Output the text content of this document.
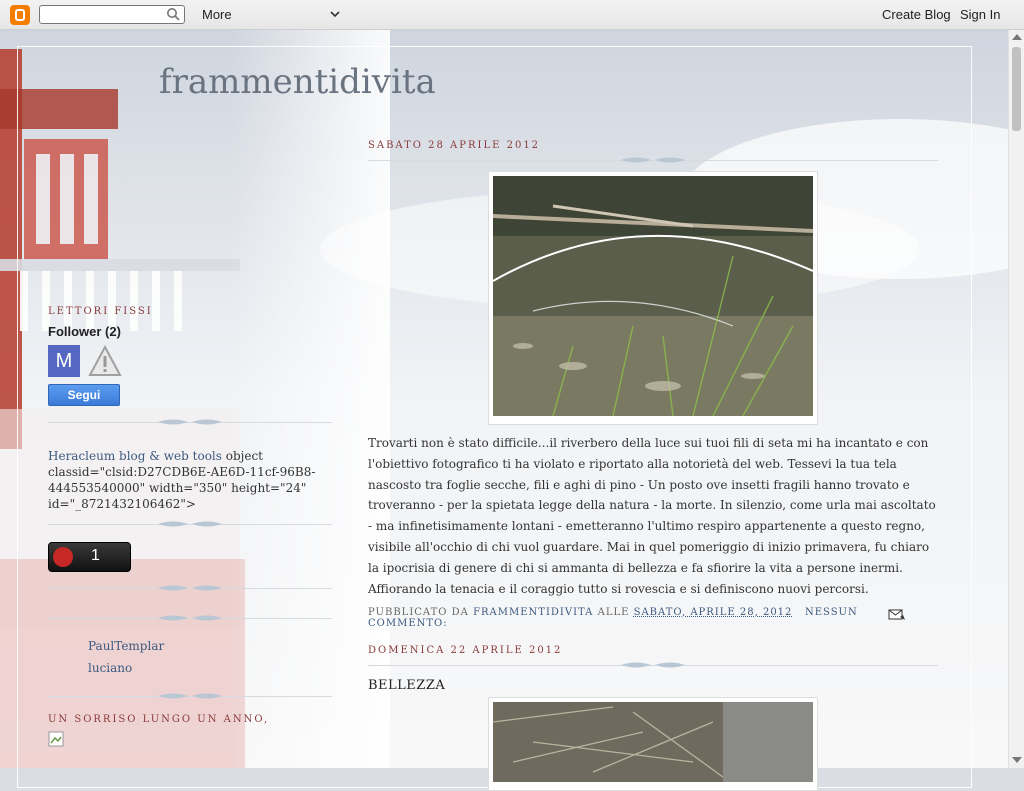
More	Create Blog Sign In
frammentidivita
LETTORI FISSI
Follower (2)
M
Segui
Heracleum blog & web tools object classid="clsid:D27CDB6E-AE6D-11cf-96B8-444553540000" width="350" height="24" id="_8721432106462">
1
PaulTemplar
luciano
UN SORRISO LUNGO UN ANNO,
SABATO 28 APRILE 2012
Trovarti non è stato difficile...il riverbero della luce sui tuoi fili di seta mi ha incantato e con l'obiettivo fotografico ti ha violato e riportato alla notorietà del web. Tessevi la tua tela nascosto tra foglie secche, fili e aghi di pino - Un posto ove insetti fragili hanno trovato e troveranno - per la spietata legge della natura - la morte. In silenzio, come urla mai ascoltato - ma infinetisimamente lontani - emetteranno l'ultimo respiro appartenente a questo regno, visibile all'occhio di chi vuol guardare. Mai in quel pomeriggio di inizio primavera, fu chiaro la ipocrisia di genere di chi si ammanta di bellezza e fa sfiorire la vita a persone inermi. Affiorando la tenacia e il coraggio tutto si rovescia e si definiscono nuovi percorsi.
PUBBLICATO DA FRAMMENTIDIVITA ALLE SABATO, APRILE 28, 2012 NESSUN COMMENTO:
DOMENICA 22 APRILE 2012
BELLEZZA
